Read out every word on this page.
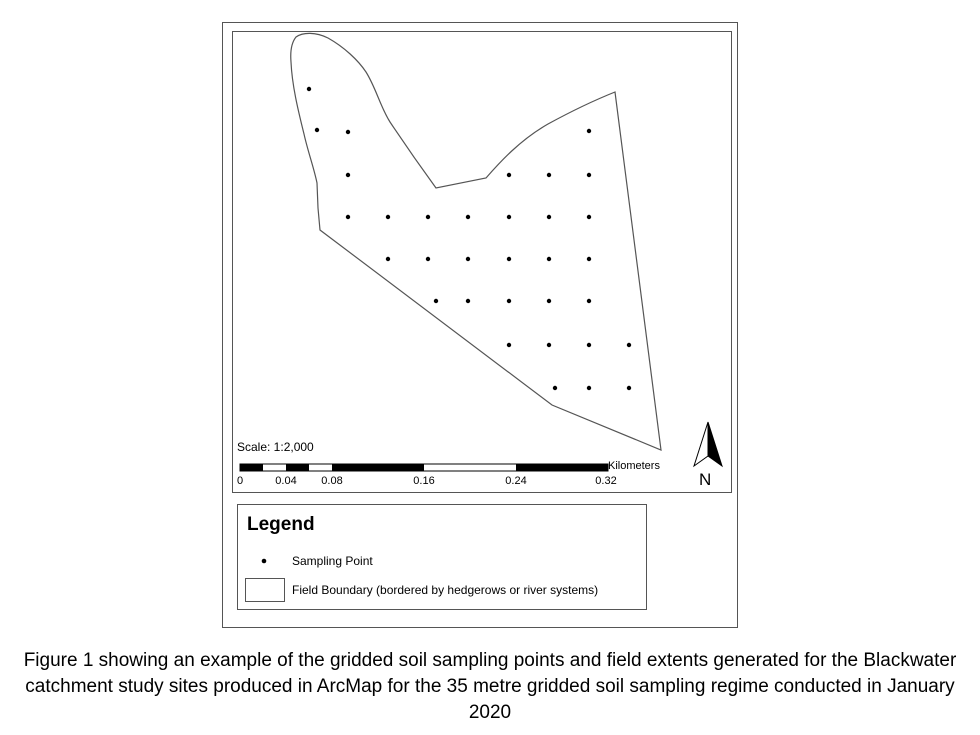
Scale: 1:2,000
0	0.04 0.08	0.16	0.24	0.32
Kilometers
N
Legend
Sampling Point
Field Boundary (bordered by hedgerows or river systems)
Figure 1 showing an example of the gridded soil sampling points and field extents generated for the Blackwater catchment study sites produced in ArcMap for the 35 metre gridded soil sampling regime conducted in January 2020
